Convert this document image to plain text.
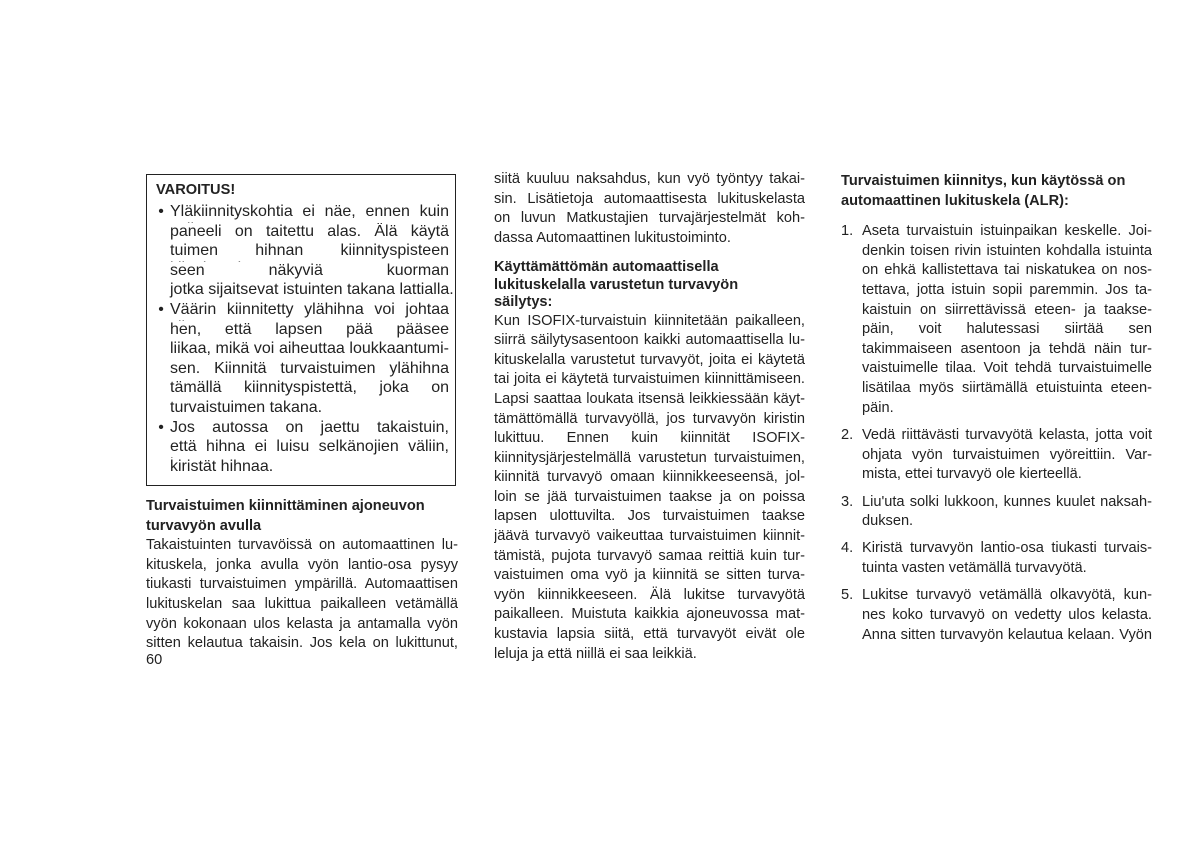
VAROITUS!
• Yläkiinnityskohtia ei näe, ennen kuin
paneeli on taitettu alas. Älä käytä
tuimen hihnan kiinnityspisteen
seen näkyviä kuorman
jotka sijaitsevat istuinten takana lattialla.
• Väärin kiinnitetty ylähihna voi johtaa
hen, että lapsen pää pääsee
liikaa, mikä voi aiheuttaa loukkaantumi-
sen. Kiinnitä turvaistuimen ylähihna
tämällä kiinnityspistettä, joka on
turvaistuimen takana.
• Jos autossa on jaettu takaistuin,
että hihna ei luisu selkänojien väliin,
kiristät hihnaa.
Turvaistuimen kiinnittäminen ajoneuvon
turvavyön avulla
Takaistuinten turvavöissä on automaattinen lu-
kituskela, jonka avulla vyön lantio-osa pysyy
tiukasti turvaistuimen ympärillä. Automaattisen
lukituskelan saa lukittua paikalleen vetämällä
vyön kokonaan ulos kelasta ja antamalla vyön
sitten kelautua takaisin. Jos kela on lukittunut,
siitä kuuluu naksahdus, kun vyö työntyy takai-
sin. Lisätietoja automaattisesta lukituskelasta
on luvun Matkustajien turvajärjestelmät koh-
dassa Automaattinen lukitustoiminto.
Käyttämättömän automaattisella
lukituskelalla varustetun turvavyön
säilytys:
Kun ISOFIX-turvaistuin kiinnitetään paikalleen,
siirrä säilytysasentoon kaikki automaattisella lu-
kituskelalla varustetut turvavyöt, joita ei käytetä
tai joita ei käytetä turvaistuimen kiinnittämiseen.
Lapsi saattaa loukata itsensä leikkiessään käyt-
tämättömällä turvavyöllä, jos turvavyön kiristin
lukittuu. Ennen kuin kiinnität ISOFIX-
kiinnitysjärjestelmällä varustetun turvaistuimen,
kiinnitä turvavyö omaan kiinnikkeeseensä, jol-
loin se jää turvaistuimen taakse ja on poissa
lapsen ulottuvilta. Jos turvaistuimen taakse
jäävä turvavyö vaikeuttaa turvaistuimen kiinnit-
tämistä, pujota turvavyö samaa reittiä kuin tur-
vaistuimen oma vyö ja kiinnitä se sitten turva-
vyön kiinnikkeeseen. Älä lukitse turvavyötä
paikalleen. Muistuta kaikkia ajoneuvossa mat-
kustavia lapsia siitä, että turvavyöt eivät ole
leluja ja että niillä ei saa leikkiä.
Turvaistuimen kiinnitys, kun käytössä on
automaattinen lukituskela (ALR):
1. Aseta turvaistuin istuinpaikan keskelle. Joi-
denkin toisen rivin istuinten kohdalla istuinta
on ehkä kallistettava tai niskatukea on nos-
tettava, jotta istuin sopii paremmin. Jos ta-
kaistuin on siirrettävissä eteen- ja taakse-
päin, voit halutessasi siirtää sen
takimmaiseen asentoon ja tehdä näin tur-
vaistuimelle tilaa. Voit tehdä turvaistuimelle
lisätilaa myös siirtämällä etuistuinta eteen-
päin.
2. Vedä riittävästi turvavyötä kelasta, jotta voit
ohjata vyön turvaistuimen vyöreittiin. Var-
mista, ettei turvavyö ole kierteellä.
3. Liu'uta solki lukkoon, kunnes kuulet naksah-
duksen.
4. Kiristä turvavyön lantio-osa tiukasti turvais-
tuinta vasten vetämällä turvavyötä.
5. Lukitse turvavyö vetämällä olkavyötä, kun-
nes koko turvavyö on vedetty ulos kelasta.
Anna sitten turvavyön kelautua kelaan. Vyön
60
